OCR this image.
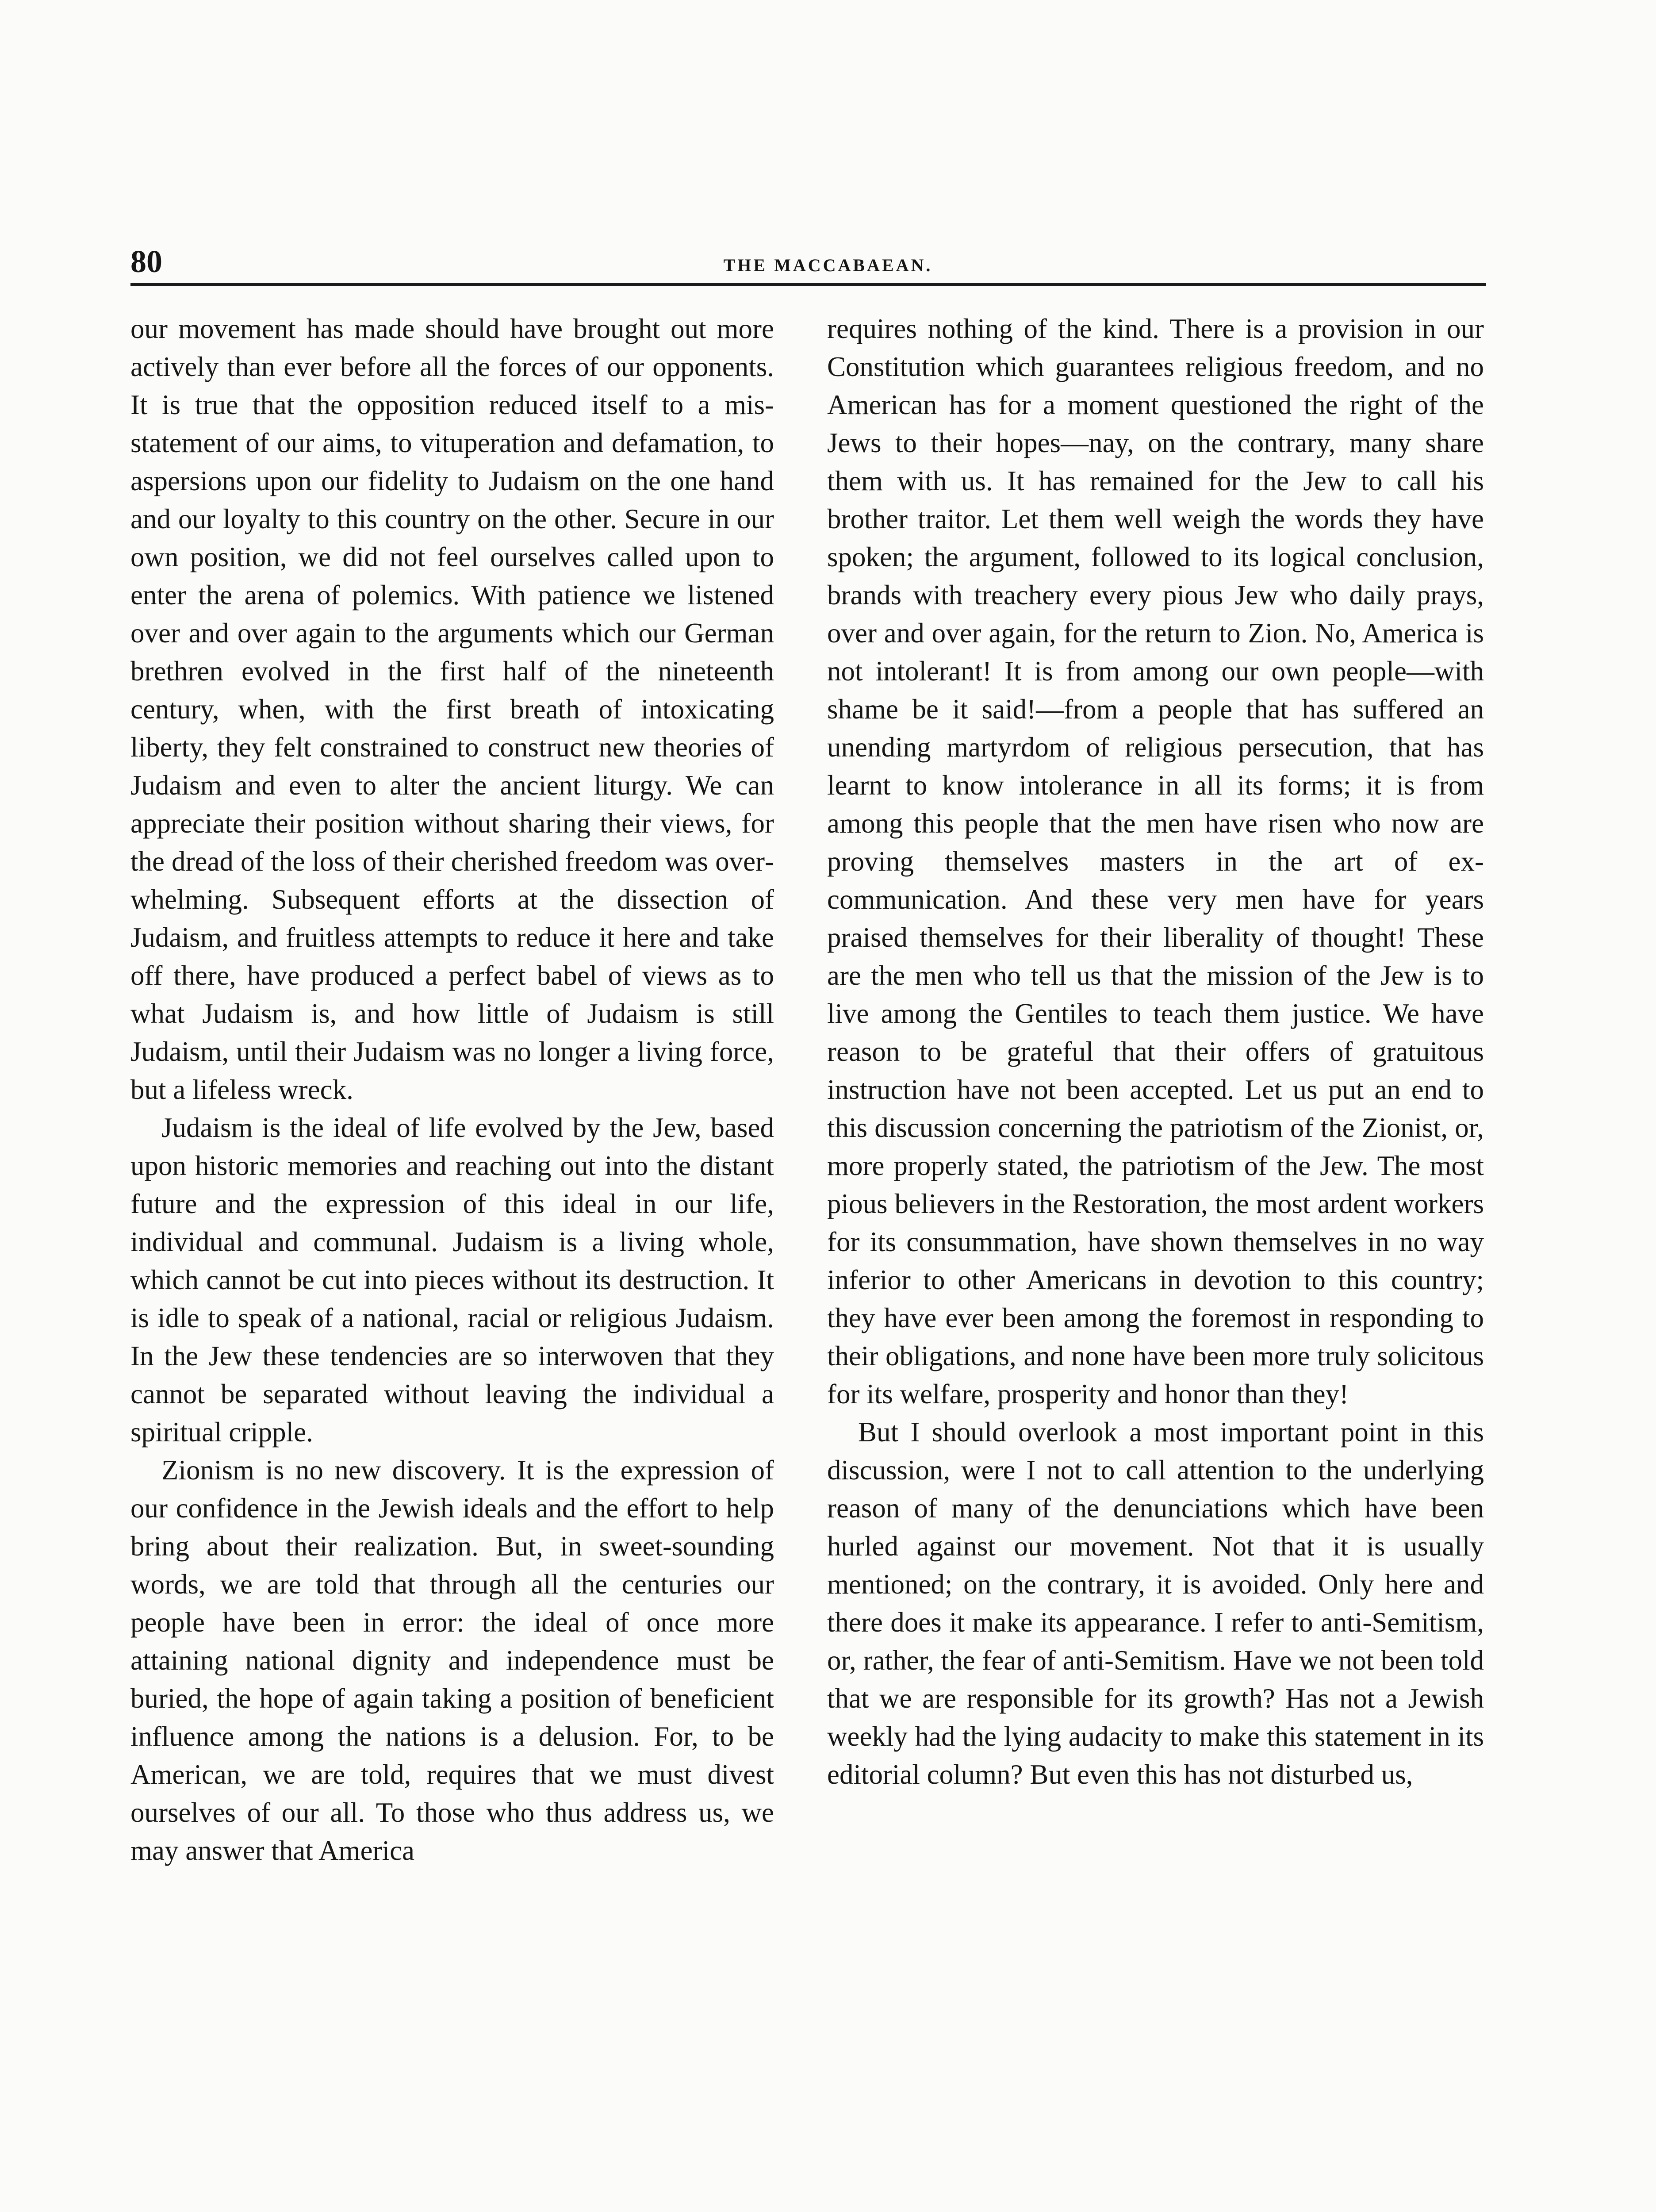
80	THE MACCABAEAN.

our movement has made should have brought out more actively than ever before all the forces of our opponents. It is true that the opposition reduced itself to a mis-statement of our aims, to vituperation and defamation, to aspersions upon our fidelity to Judaism on the one hand and our loyalty to this country on the other. Secure in our own position, we did not feel ourselves called upon to enter the arena of polemics. With patience we listened over and over again to the arguments which our German brethren evolved in the first half of the nineteenth century, when, with the first breath of intoxicating liberty, they felt constrained to construct new theories of Judaism and even to alter the ancient liturgy. We can appreciate their position without sharing their views, for the dread of the loss of their cherished freedom was overwhelming. Subsequent efforts at the dissection of Judaism, and fruitless attempts to reduce it here and take off there, have produced a perfect babel of views as to what Judaism is, and how little of Judaism is still Judaism, until their Judaism was no longer a living force, but a lifeless wreck.

Judaism is the ideal of life evolved by the Jew, based upon historic memories and reaching out into the distant future and the expression of this ideal in our life, individual and communal. Judaism is a living whole, which cannot be cut into pieces without its destruction. It is idle to speak of a national, racial or religious Judaism. In the Jew these tendencies are so interwoven that they cannot be separated without leaving the individual a spiritual cripple.

Zionism is no new discovery. It is the expression of our confidence in the Jewish ideals and the effort to help bring about their realization. But, in sweet-sounding words, we are told that through all the centuries our people have been in error: the ideal of once more attaining national dignity and independence must be buried, the hope of again taking a position of beneficient influence among the nations is a delusion. For, to be American, we are told, requires that we must divest ourselves of our all. To those who thus address us, we may answer that America

requires nothing of the kind. There is a provision in our Constitution which guarantees religious freedom, and no American has for a moment questioned the right of the Jews to their hopes—nay, on the contrary, many share them with us. It has remained for the Jew to call his brother traitor. Let them well weigh the words they have spoken; the argument, followed to its logical conclusion, brands with treachery every pious Jew who daily prays, over and over again, for the return to Zion. No, America is not intolerant! It is from among our own people—with shame be it said!—from a people that has suffered an unending martyrdom of religious persecution, that has learnt to know intolerance in all its forms; it is from among this people that the men have risen who now are proving themselves masters in the art of excommunication. And these very men have for years praised themselves for their liberality of thought! These are the men who tell us that the mission of the Jew is to live among the Gentiles to teach them justice. We have reason to be grateful that their offers of gratuitous instruction have not been accepted. Let us put an end to this discussion concerning the patriotism of the Zionist, or, more properly stated, the patriotism of the Jew. The most pious believers in the Restoration, the most ardent workers for its consummation, have shown themselves in no way inferior to other Americans in devotion to this country; they have ever been among the foremost in responding to their obligations, and none have been more truly solicitous for its welfare, prosperity and honor than they!

But I should overlook a most important point in this discussion, were I not to call attention to the underlying reason of many of the denunciations which have been hurled against our movement. Not that it is usually mentioned; on the contrary, it is avoided. Only here and there does it make its appearance. I refer to anti-Semitism, or, rather, the fear of anti-Semitism. Have we not been told that we are responsible for its growth? Has not a Jewish weekly had the lying audacity to make this statement in its editorial column? But even this has not disturbed us,
